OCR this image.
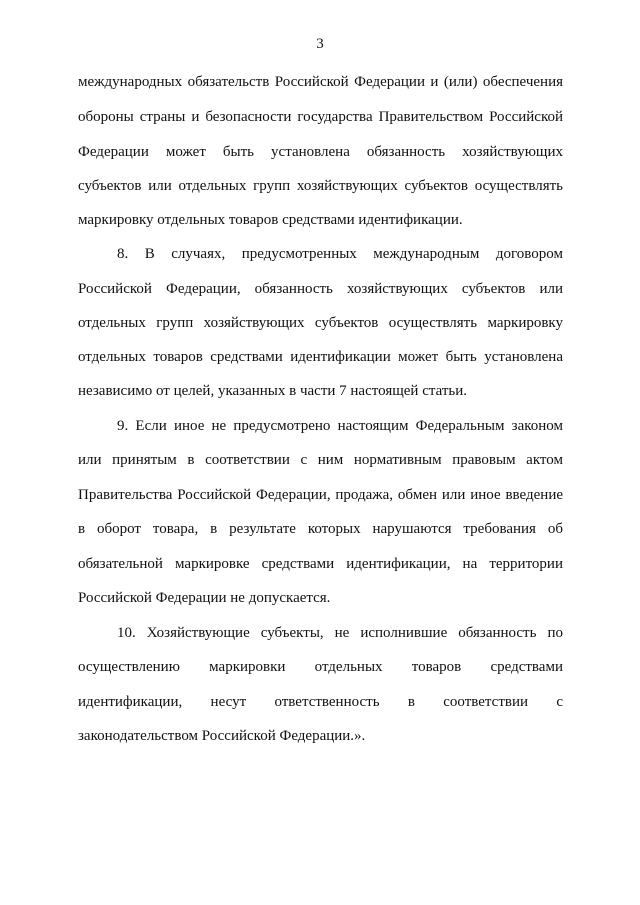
3
международных обязательств Российской Федерации и (или) обеспечения
обороны страны и безопасности государства Правительством Российской
Федерации может быть установлена обязанность хозяйствующих
субъектов или отдельных групп хозяйствующих субъектов осуществлять
маркировку отдельных товаров средствами идентификации.
8. В случаях, предусмотренных международным договором
Российской Федерации, обязанность хозяйствующих субъектов или
отдельных групп хозяйствующих субъектов осуществлять маркировку
отдельных товаров средствами идентификации может быть установлена
независимо от целей, указанных в части 7 настоящей статьи.
9. Если иное не предусмотрено настоящим Федеральным законом
или принятым в соответствии с ним нормативным правовым актом
Правительства Российской Федерации, продажа, обмен или иное введение
в оборот товара, в результате которых нарушаются требования об
обязательной маркировке средствами идентификации, на территории
Российской Федерации не допускается.
10. Хозяйствующие субъекты, не исполнившие обязанность по
осуществлению маркировки отдельных товаров средствами
идентификации, несут ответственность в соответствии с
законодательством Российской Федерации.».
